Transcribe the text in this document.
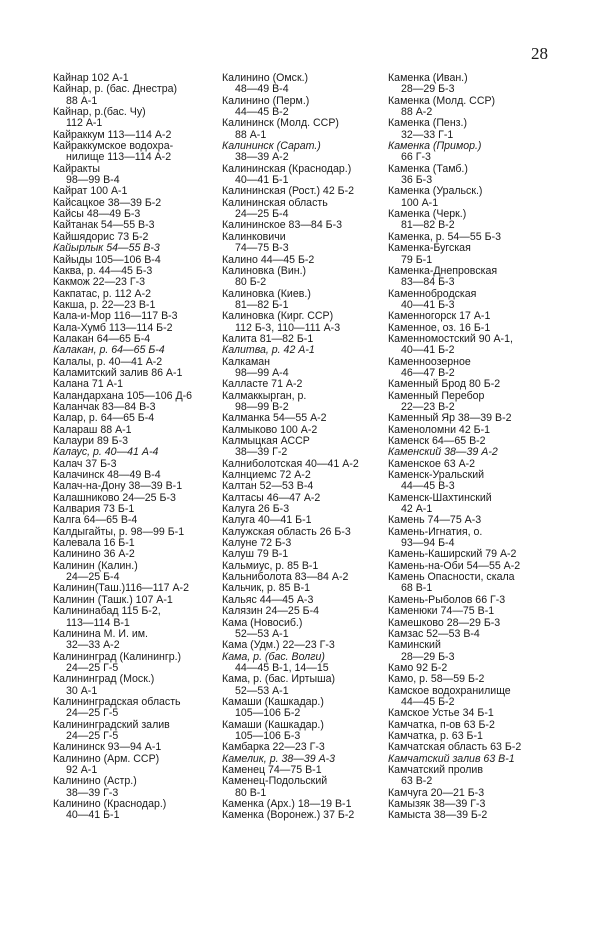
28
Кайнар 102 А-1
Кайнар, р. (бас. Днестра)
88 А-1
Кайнар, р.(бас. Чу)
112 А-1
Кайраккум 113—114 А-2
Кайраккумское водохра-
нилище 113—114 А-2
Кайракты
98—99 В-4
Кайрат 100 А-1
Кайсацкое 38—39 Б-2
Кайсы 48—49 Б-3
Кайтанак 54—55 В-3
Кайшядорис 73 Б-2
Кайырлык 54—55 В-3
Кайыды 105—106 В-4
Каква, р. 44—45 Б-3
Какмож 22—23 Г-3
Какпатас, р. 112 А-2
Какша, р. 22—23 В-1
Кала-и-Мор 116—117 В-3
Кала-Хумб 113—114 Б-2
Калакан 64—65 Б-4
Калакан, р. 64—65 Б-4
Калалы, р. 40—41 А-2
Каламитский залив 86 А-1
Калана 71 А-1
Каландархана 105—106 Д-6
Каланчак 83—84 В-3
Калар, р. 64—65 Б-4
Калараш 88 А-1
Калаури 89 Б-3
Калаус, р. 40—41 А-4
Калач 37 Б-3
Калачинск 48—49 В-4
Калач-на-Дону 38—39 В-1
Калашниково 24—25 Б-3
Калвария 73 Б-1
Калга 64—65 В-4
Калдыгайты, р. 98—99 Б-1
Калевала 16 Б-1
Калинино 36 А-2
Калинин (Калин.)
24—25 Б-4
Калинин(Таш.)116—117 А-2
Калинин (Ташк.) 107 А-1
Калининабад 115 Б-2,
113—114 В-1
Калинина М. И. им.
32—33 А-2
Калининград (Калинингр.)
24—25 Г-5
Калининград (Моск.)
30 А-1
Калининградская область
24—25 Г-5
Калининградский залив
24—25 Г-5
Калининск 93—94 А-1
Калинино (Арм. ССР)
92 А-1
Калинино (Астр.)
38—39 Г-3
Калинино (Краснодар.)
40—41 Б-1
Калинино (Омск.)
48—49 В-4
Калинино (Перм.)
44—45 В-2
Калининск (Молд. ССР)
88 А-1
Калининск (Сарат.)
38—39 А-2
Калининская (Краснодар.)
40—41 Б-1
Калининская (Рост.) 42 Б-2
Калининская область
24—25 Б-4
Калининское 83—84 Б-3
Калинковичи
74—75 В-3
Калино 44—45 Б-2
Калиновка (Вин.)
80 Б-2
Калиновка (Киев.)
81—82 Б-1
Калиновка (Кирг. ССР)
112 Б-3, 110—111 А-3
Калита 81—82 Б-1
Калитва, р. 42 А-1
Калкаман
98—99 А-4
Калласте 71 А-2
Калмаккырган, р.
98—99 В-2
Калманка 54—55 А-2
Калмыково 100 А-2
Калмыцкая АССР
38—39 Г-2
Калниболотская 40—41 А-2
Калнциемс 72 А-2
Калтан 52—53 В-4
Калтасы 46—47 А-2
Калуга 26 Б-3
Калуга 40—41 Б-1
Калужская область 26 Б-3
Калуне 72 Б-3
Калуш 79 В-1
Кальмиус, р. 85 В-1
Кальниболота 83—84 А-2
Кальчик, р. 85 В-1
Кальяс 44—45 А-3
Калязин 24—25 Б-4
Кама (Новосиб.)
52—53 А-1
Кама (Удм.) 22—23 Г-3
Кама, р. (бас. Волги)
44—45 В-1, 14—15
Кама, р. (бас. Иртыша)
52—53 А-1
Камаши (Кашкадар.)
105—106 Б-2
Камаши (Кашкадар.)
105—106 Б-3
Камбарка 22—23 Г-3
Камелик, р. 38—39 А-3
Каменец 74—75 В-1
Каменец-Подольский
80 В-1
Каменка (Арх.) 18—19 В-1
Каменка (Воронеж.) 37 Б-2
Каменка (Иван.)
28—29 Б-3
Каменка (Молд. ССР)
88 А-2
Каменка (Пенз.)
32—33 Г-1
Каменка (Примор.)
66 Г-3
Каменка (Тамб.)
36 Б-3
Каменка (Уральск.)
100 А-1
Каменка (Черк.)
81—82 В-2
Каменка, р. 54—55 Б-3
Каменка-Бугская
79 Б-1
Каменка-Днепровская
83—84 Б-3
Каменнобродская
40—41 Б-3
Каменногорск 17 А-1
Каменное, оз. 16 Б-1
Каменномостский 90 А-1,
40—41 Б-2
Каменноозерное
46—47 В-2
Каменный Брод 80 Б-2
Каменный Перебор
22—23 В-2
Каменный Яр 38—39 В-2
Каменоломни 42 Б-1
Каменск 64—65 В-2
Каменский 38—39 А-2
Каменское 63 А-2
Каменск-Уральский
44—45 В-3
Каменск-Шахтинский
42 А-1
Камень 74—75 А-3
Камень-Игнатия, о.
93—94 Б-4
Камень-Каширский 79 А-2
Камень-на-Оби 54—55 А-2
Камень Опасности, скала
68 В-1
Камень-Рыболов 66 Г-3
Каменюки 74—75 В-1
Камешково 28—29 Б-3
Камзас 52—53 В-4
Каминский
28—29 Б-3
Камо 92 Б-2
Камо, р. 58—59 Б-2
Камское водохранилище
44—45 Б-2
Камское Устье 34 Б-1
Камчатка, п-ов 63 Б-2
Камчатка, р. 63 Б-1
Камчатская область 63 Б-2
Камчатский залив 63 В-1
Камчатский пролив
63 В-2
Камчуга 20—21 Б-3
Камызяк 38—39 Г-3
Камыста 38—39 Б-2
